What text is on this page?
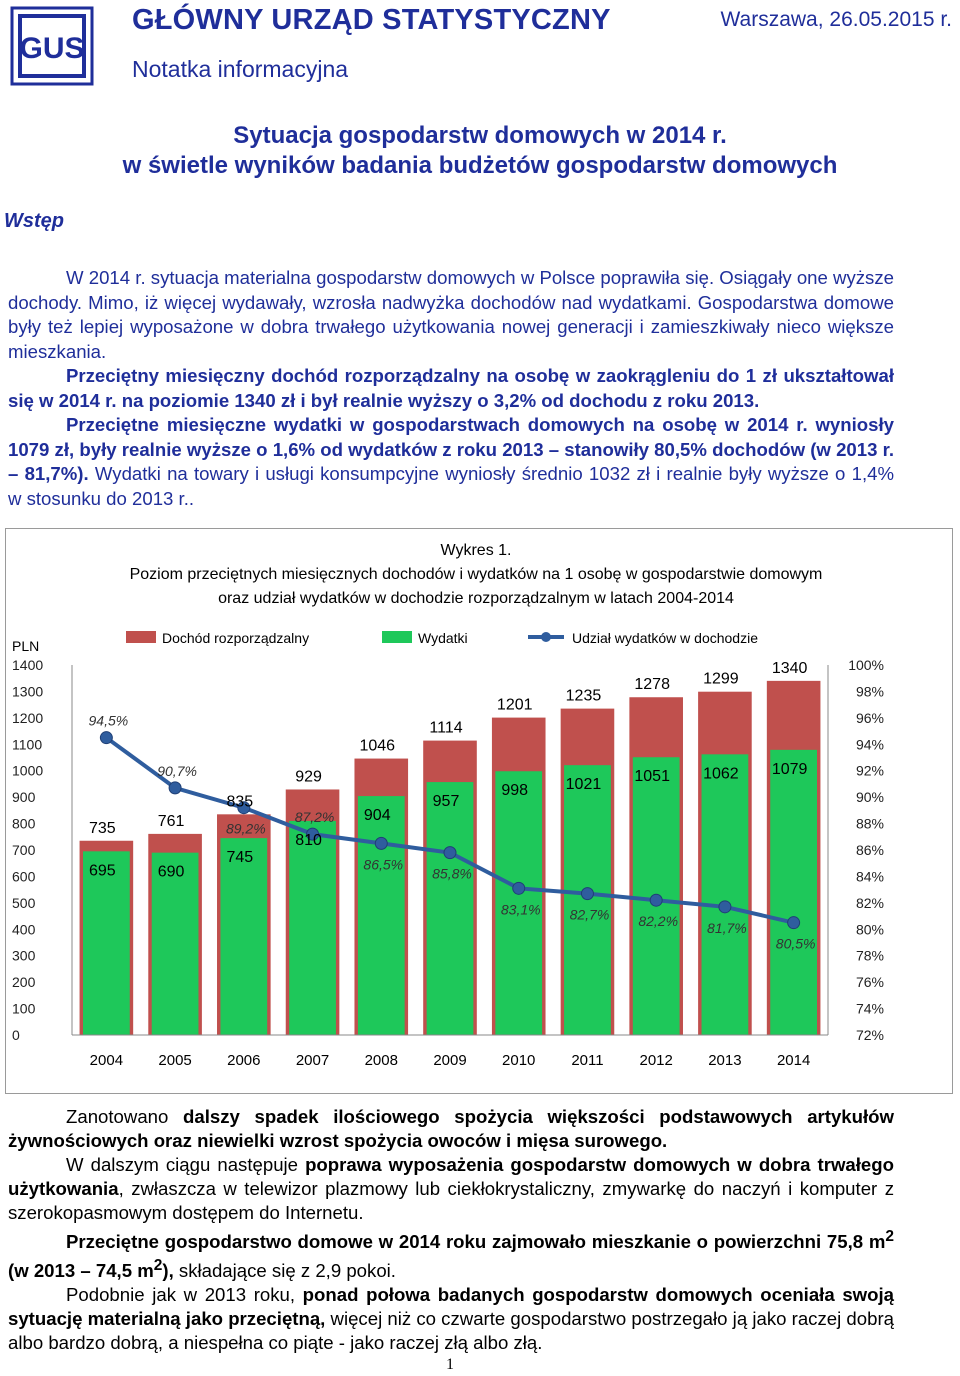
GUS
GŁÓWNY URZĄD STATYSTYCZNY
Notatka informacyjna
Warszawa, 26.05.2015 r.
Sytuacja gospodarstw domowych w 2014 r.
w świetle wyników badania budżetów gospodarstw domowych
Wstęp

W 2014 r. sytuacja materialna gospodarstw domowych w Polsce poprawiła się. Osiągały one wyższe dochody. Mimo, iż więcej wydawały, wzrosła nadwyżka dochodów nad wydatkami. Gospodarstwa domowe były też lepiej wyposażone w dobra trwałego użytkowania nowej generacji i zamieszkiwały nieco większe mieszkania.

Przeciętny miesięczny dochód rozporządzalny na osobę w zaokrągleniu do 1 zł ukształtował się w 2014 r. na poziomie 1340 zł i był realnie wyższy o 3,2% od dochodu z roku 2013.

Przeciętne miesięczne wydatki w gospodarstwach domowych na osobę w 2014 r. wyniosły 1079 zł, były realnie wyższe o 1,6% od wydatków z roku 2013 – stanowiły 80,5% dochodów (w 2013 r. – 81,7%). Wydatki na towary i usługi konsumpcyjne wyniosły średnio 1032 zł i realnie były wyższe o 1,4% w stosunku do 2013 r..

Wykres 1.
Poziom przeciętnych miesięcznych dochodów i wydatków na 1 osobę w gospodarstwie domowym
oraz udział wydatków w dochodzie rozporządzalnym w latach 2004-2014
PLN	Dochód rozporządzalny	Wydatki	Udział wydatków w dochodzie
735
695
761
690
835
745
929
810
1046
904
1114
957
1201
998
1235
1021
1278
1051
1299
1062
1340
1079
94,5%
90,7%
89,2%
87,2%
86,5%
85,8%
83,1% 82,7% 82,2% 81,7%
80,5%
0
100
200
300
400
500
600
700
800
900
1000
1100
1200
1300
1400
72%
74%
76%
78%
80%
82%
84%
86%
88%
90%
92%
94%
96%
98%
100%
2004 2005 2006 2007 2008 2009 2010 2011 2012 2013 2014

Zanotowano dalszy spadek ilościowego spożycia większości podstawowych artykułów żywnościowych oraz niewielki wzrost spożycia owoców i mięsa surowego.

W dalszym ciągu następuje poprawa wyposażenia gospodarstw domowych w dobra trwałego użytkowania, zwłaszcza w telewizor plazmowy lub ciekłokrystaliczny, zmywarkę do naczyń i komputer z szerokopasmowym dostępem do Internetu.

Przeciętne gospodarstwo domowe w 2014 roku zajmowało mieszkanie o powierzchni 75,8 $m^2$ (w 2013 – 74,5 $m^2$), składające się z 2,9 pokoi.

Podobnie jak w 2013 roku, ponad połowa badanych gospodarstw domowych oceniała swoją sytuację materialną jako przeciętną, więcej niż co czwarte gospodarstwo postrzegało ją jako raczej dobrą albo bardzo dobrą, a niespełna co piąte - jako raczej złą albo złą.

1
